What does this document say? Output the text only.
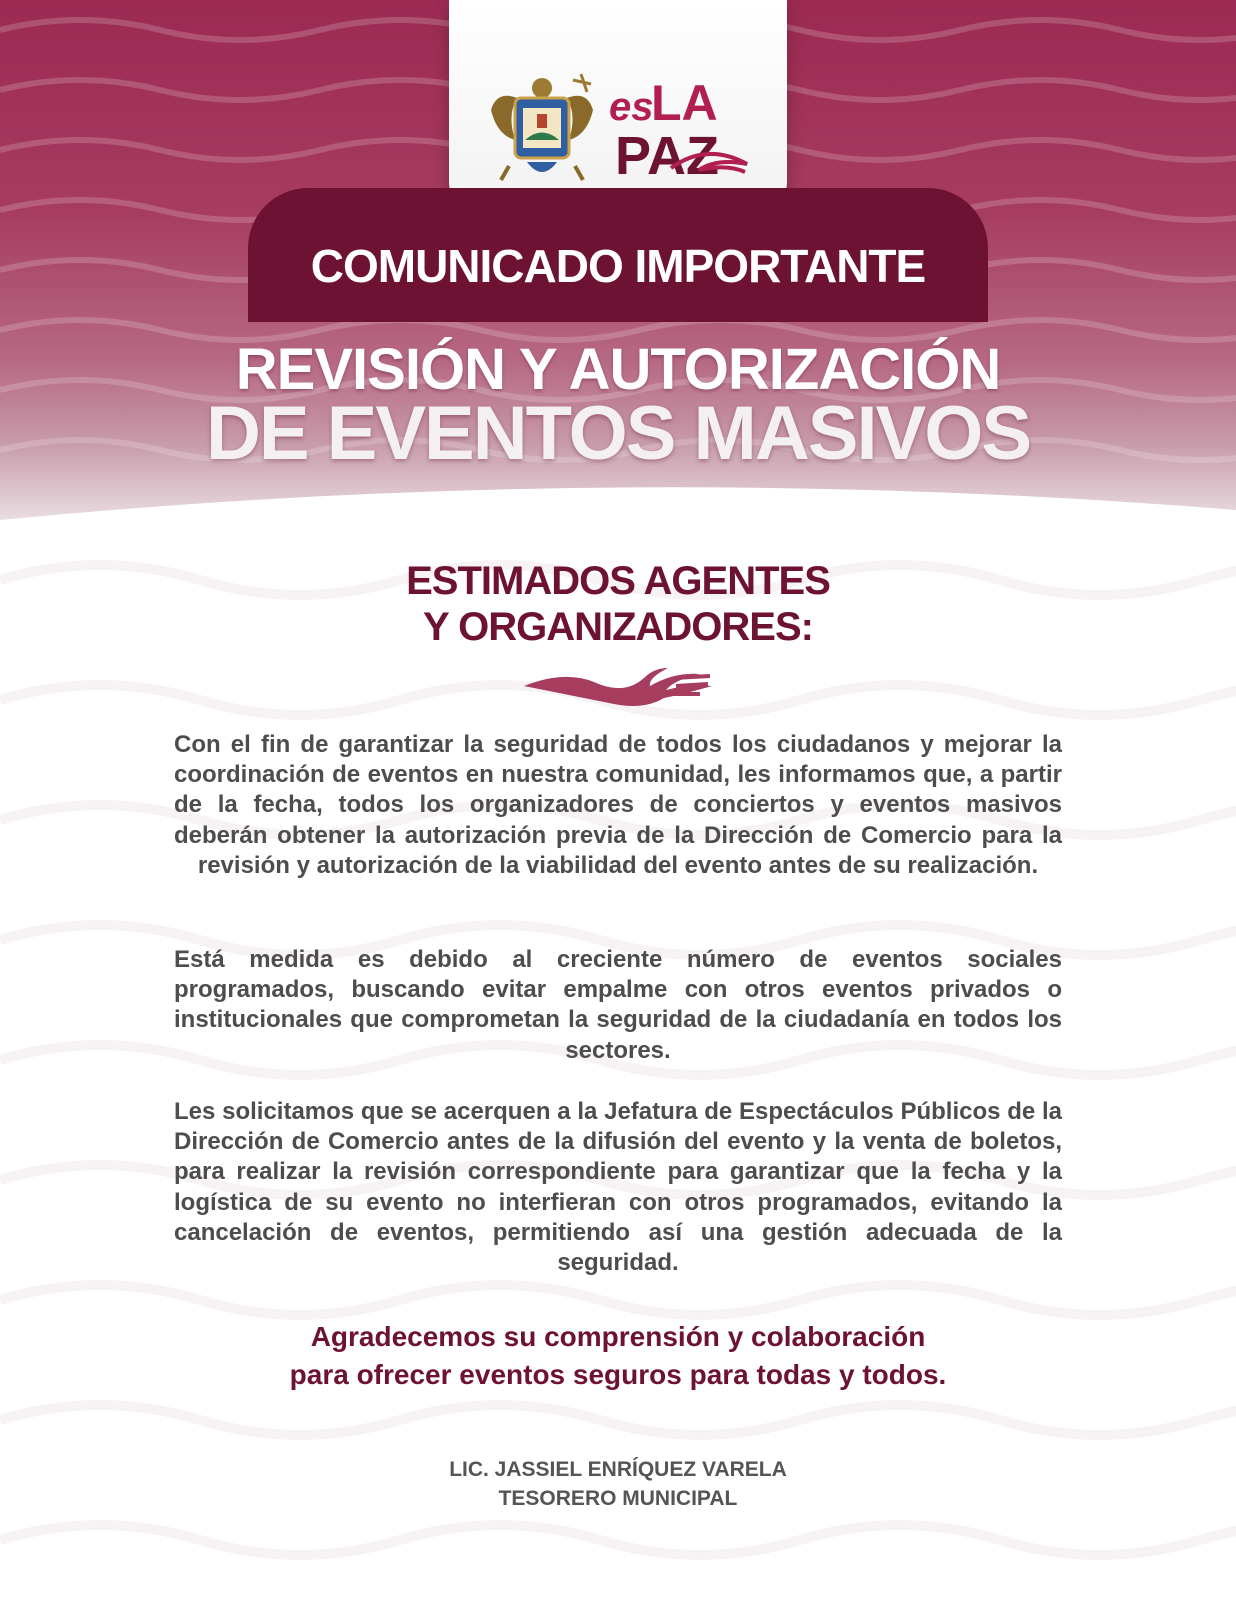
es
LA
PAZ
COMUNICADO IMPORTANTE
REVISIÓN Y AUTORIZACIÓN
DE EVENTOS MASIVOS
ESTIMADOS AGENTES
Y ORGANIZADORES:

Con el fin de garantizar la seguridad de todos los ciudadanos y mejorar la coordinación de eventos en nuestra comunidad, les informamos que, a partir de la fecha, todos los organizadores de conciertos y eventos masivos deberán obtener la autorización previa de la Dirección de Comercio para la revisión y autorización de la viabilidad del evento antes de su realización.

Está medida es debido al creciente número de eventos sociales programados, buscando evitar empalme con otros eventos privados o institucionales que comprometan la seguridad de la ciudadanía en todos los sectores.

Les solicitamos que se acerquen a la Jefatura de Espectáculos Públicos de la Dirección de Comercio antes de la difusión del evento y la venta de boletos, para realizar la revisión correspondiente para garantizar que la fecha y la logística de su evento no interfieran con otros programados, evitando la cancelación de eventos, permitiendo así una gestión adecuada de la seguridad.

Agradecemos su comprensión y colaboración
para ofrecer eventos seguros para todas y todos.
LIC. JASSIEL ENRÍQUEZ VARELA
TESORERO MUNICIPAL
